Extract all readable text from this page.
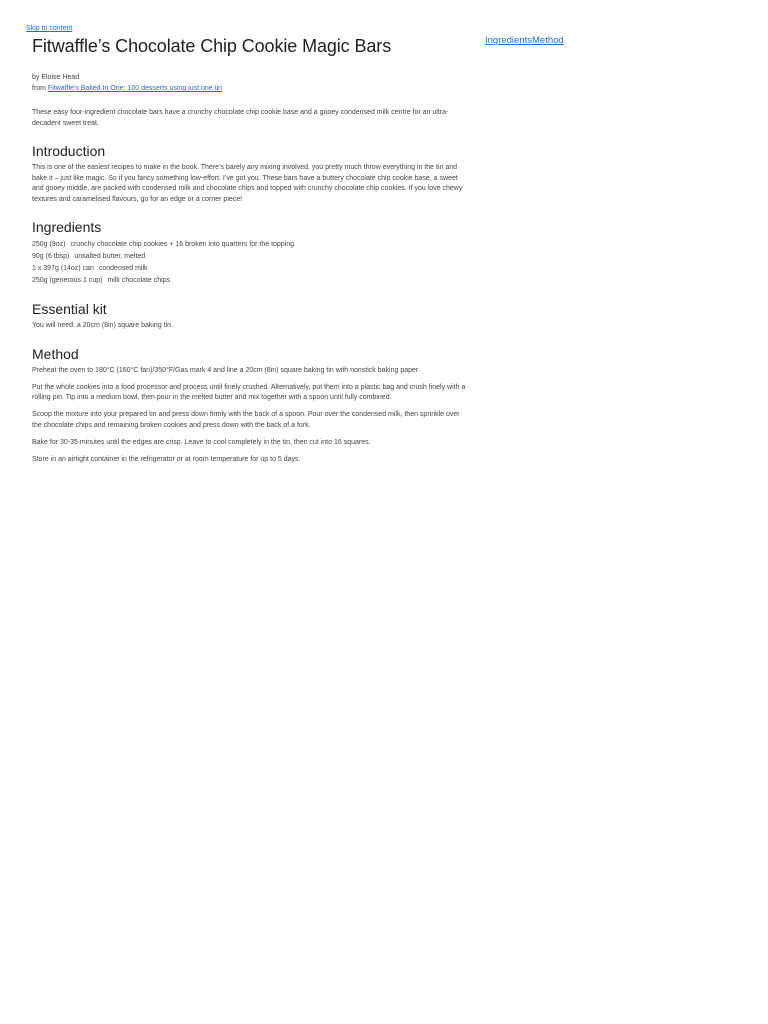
Skip to content
IngredientsMethod
Fitwaffle’s Chocolate Chip Cookie Magic Bars
by Eloise Head
from Fitwaffle’s Baked In One: 100 desserts using just one tin

These easy four-ingredient chocolate bars have a crunchy chocolate chip cookie base and a gooey condensed milk centre for an ultra-decadent sweet treat.

Introduction

This is one of the easiest recipes to make in the book. There’s barely any mixing involved, you pretty much throw everything in the tin and bake it – just like magic. So if you fancy something low-effort, I’ve got you. These bars have a buttery chocolate chip cookie base, a sweet and gooey middle, are packed with condensed milk and chocolate chips and topped with crunchy chocolate chip cookies. If you love chewy textures and caramelised flavours, go for an edge or a corner piece!

Ingredients
250g (9oz) crunchy chocolate chip cookies + 16 broken into quarters for the topping
90g (6 tbsp) unsalted butter, melted
1 x 397g (14oz) can condensed milk
250g (generous 1 cup) milk chocolate chips
Essential kit

You will need: a 20cm (8in) square baking tin.

Method
Preheat the oven to 180°C (160°C fan)/350°F/Gas mark 4 and line a 20cm (8in) square baking tin with nonstick baking paper.
Put the whole cookies into a food processor and process until finely crushed. Alternatively, put them into a plastic bag and crush finely with a rolling pin. Tip into a medium bowl, then pour in the melted butter and mix together with a spoon until fully combined.
Scoop the mixture into your prepared tin and press down firmly with the back of a spoon. Pour over the condensed milk, then sprinkle over the chocolate chips and remaining broken cookies and press down with the back of a fork.
Bake for 30-35 minutes until the edges are crisp. Leave to cool completely in the tin, then cut into 16 squares.
Store in an airtight container in the refrigerator or at room temperature for up to 5 days.
